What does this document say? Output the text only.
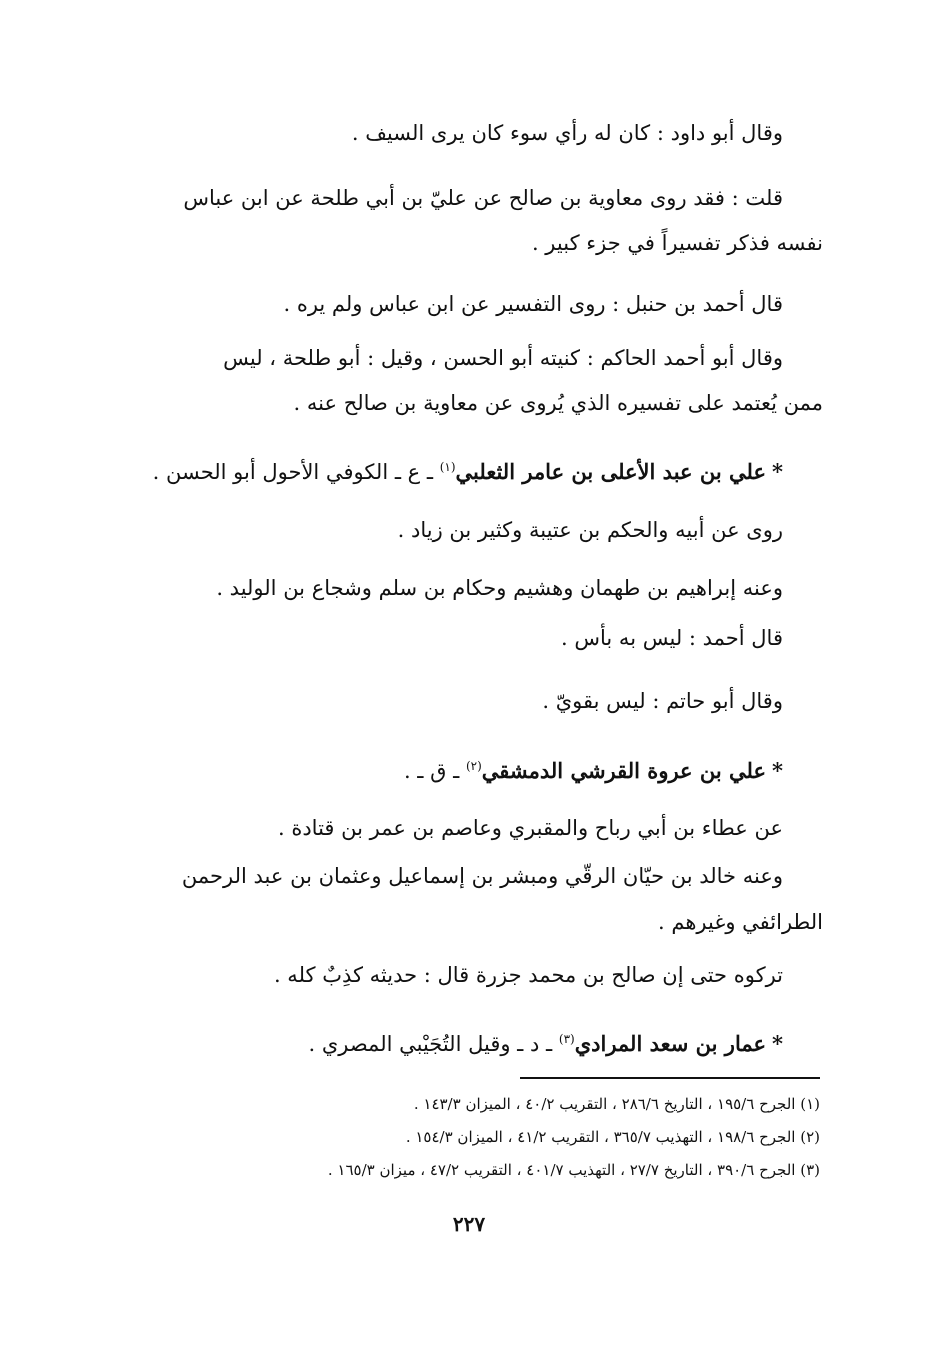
وقال أبو داود : كان له رأي سوء كان يرى السيف .
قلت : فقد روى معاوية بن صالح عن عليّ بن أبي طلحة عن ابن عباس
نفسه فذكر تفسيراً في جزء كبير .
قال أحمد بن حنبل : روى التفسير عن ابن عباس ولم يره .
وقال أبو أحمد الحاكم : كنيته أبو الحسن ، وقيل : أبو طلحة ، ليس
ممن يُعتمد على تفسيره الذي يُروى عن معاوية بن صالح عنه .
*علي بن عبد الأعلى بن عامر الثعلبي$^{(١)}$ ـ ع ـ الكوفي الأحول أبو الحسن .
روى عن أبيه والحكم بن عتيبة وكثير بن زياد .
وعنه إبراهيم بن طهمان وهشيم وحكام بن سلم وشجاع بن الوليد .
قال أحمد : ليس به بأس .
وقال أبو حاتم : ليس بقويّ .
*علي بن عروة القرشي الدمشقي$^{(٢)}$ ـ ق ـ .
عن عطاء بن أبي رباح والمقبري وعاصم بن عمر بن قتادة .
وعنه خالد بن حيّان الرقّي ومبشر بن إسماعيل وعثمان بن عبد الرحمن
الطرائفي وغيرهم .
تركوه حتى إن صالح بن محمد جزرة قال : حديثه كذِبٌ كله .
*عمار بن سعد المرادي$^{(٣)}$ ـ د ـ وقيل التُجَيْبي المصري .
(١) الجرح ١٩٥/٦ ، التاريخ ٢٨٦/٦ ، التقريب ٤٠/٢ ، الميزان ١٤٣/٣ .
(٢) الجرح ١٩٨/٦ ، التهذيب ٣٦٥/٧ ، التقريب ٤١/٢ ، الميزان ١٥٤/٣ .
(٣) الجرح ٣٩٠/٦ ، التاريخ ٢٧/٧ ، التهذيب ٤٠١/٧ ، التقريب ٤٧/٢ ، ميزان ١٦٥/٣ .
٢٢٧
